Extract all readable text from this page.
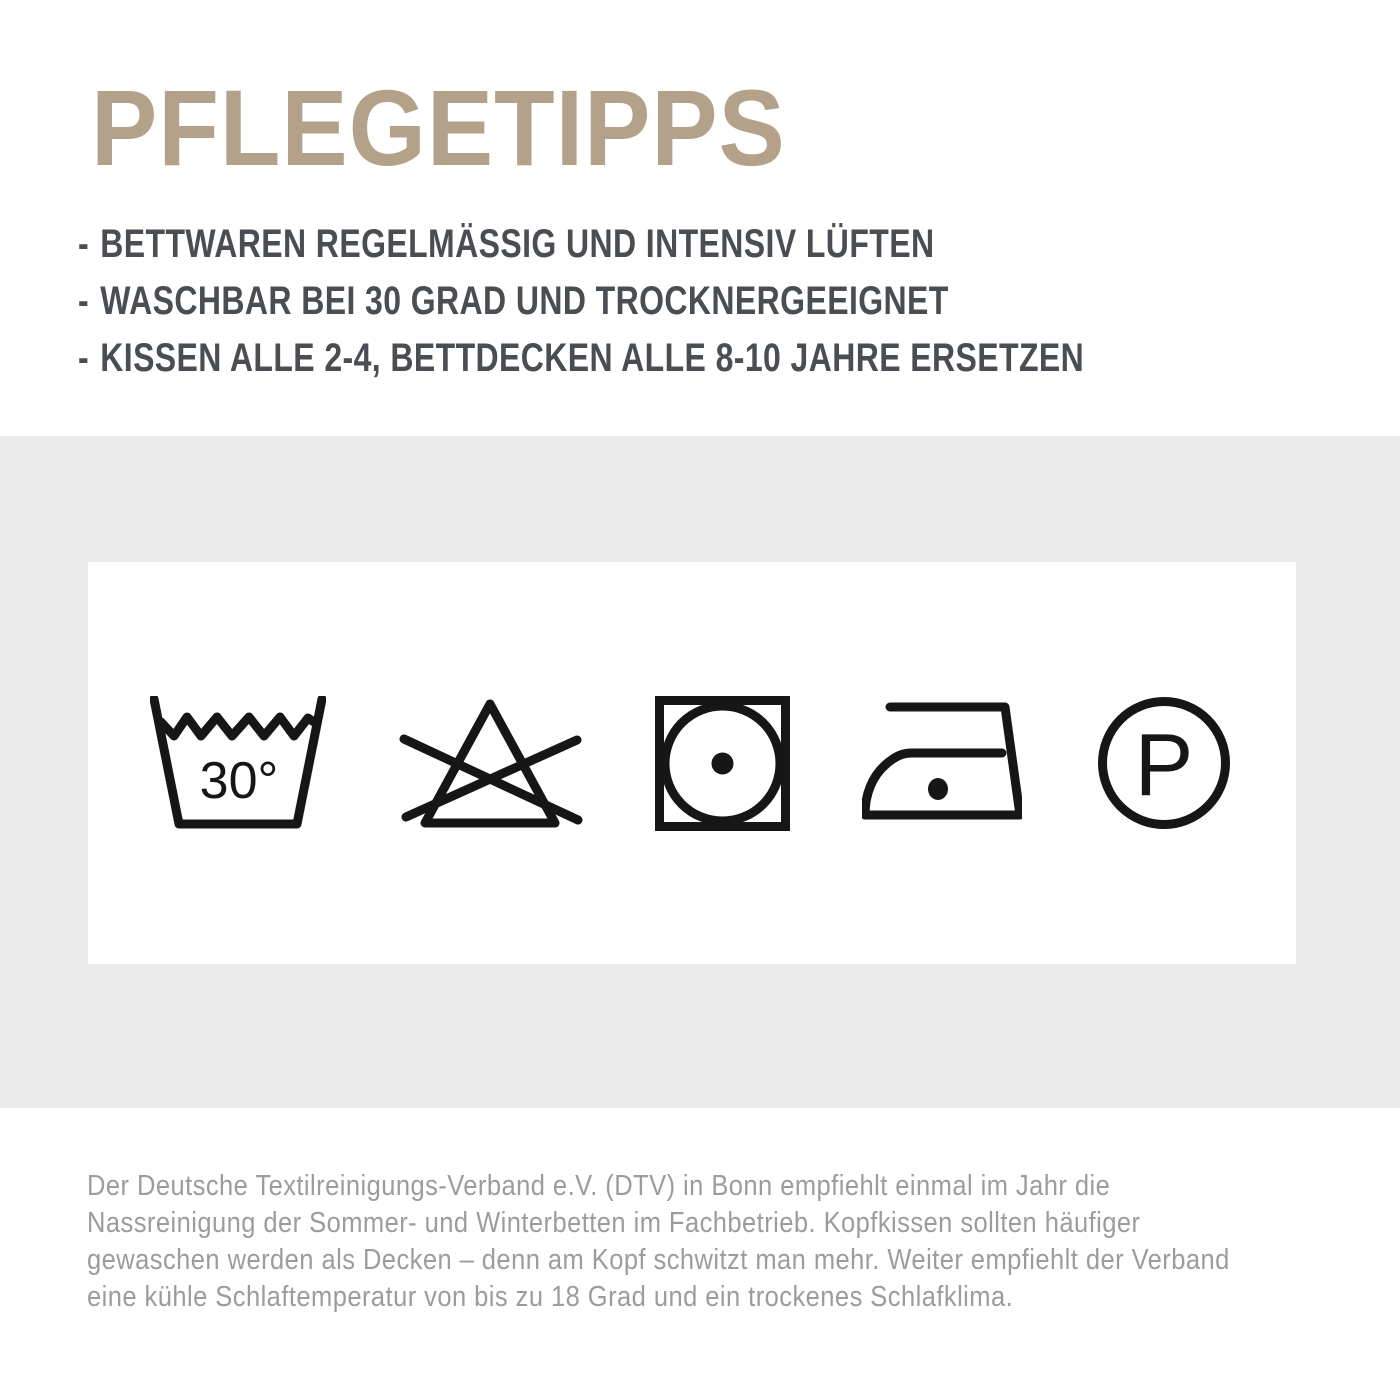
PFLEGETIPPS
- BETTWAREN REGELMÄSSIG UND INTENSIV LÜFTEN
- WASCHBAR BEI 30 GRAD UND TROCKNERGEEIGNET
- KISSEN ALLE 2-4, BETTDECKEN ALLE 8-10 JAHRE ERSETZEN
30°	P
Der Deutsche Textilreinigungs-Verband e.V. (DTV) in Bonn empfiehlt einmal im Jahr die
Nassreinigung der Sommer- und Winterbetten im Fachbetrieb. Kopfkissen sollten häufiger
gewaschen werden als Decken – denn am Kopf schwitzt man mehr. Weiter empfiehlt der Verband
eine kühle Schlaftemperatur von bis zu 18 Grad und ein trockenes Schlafklima.
